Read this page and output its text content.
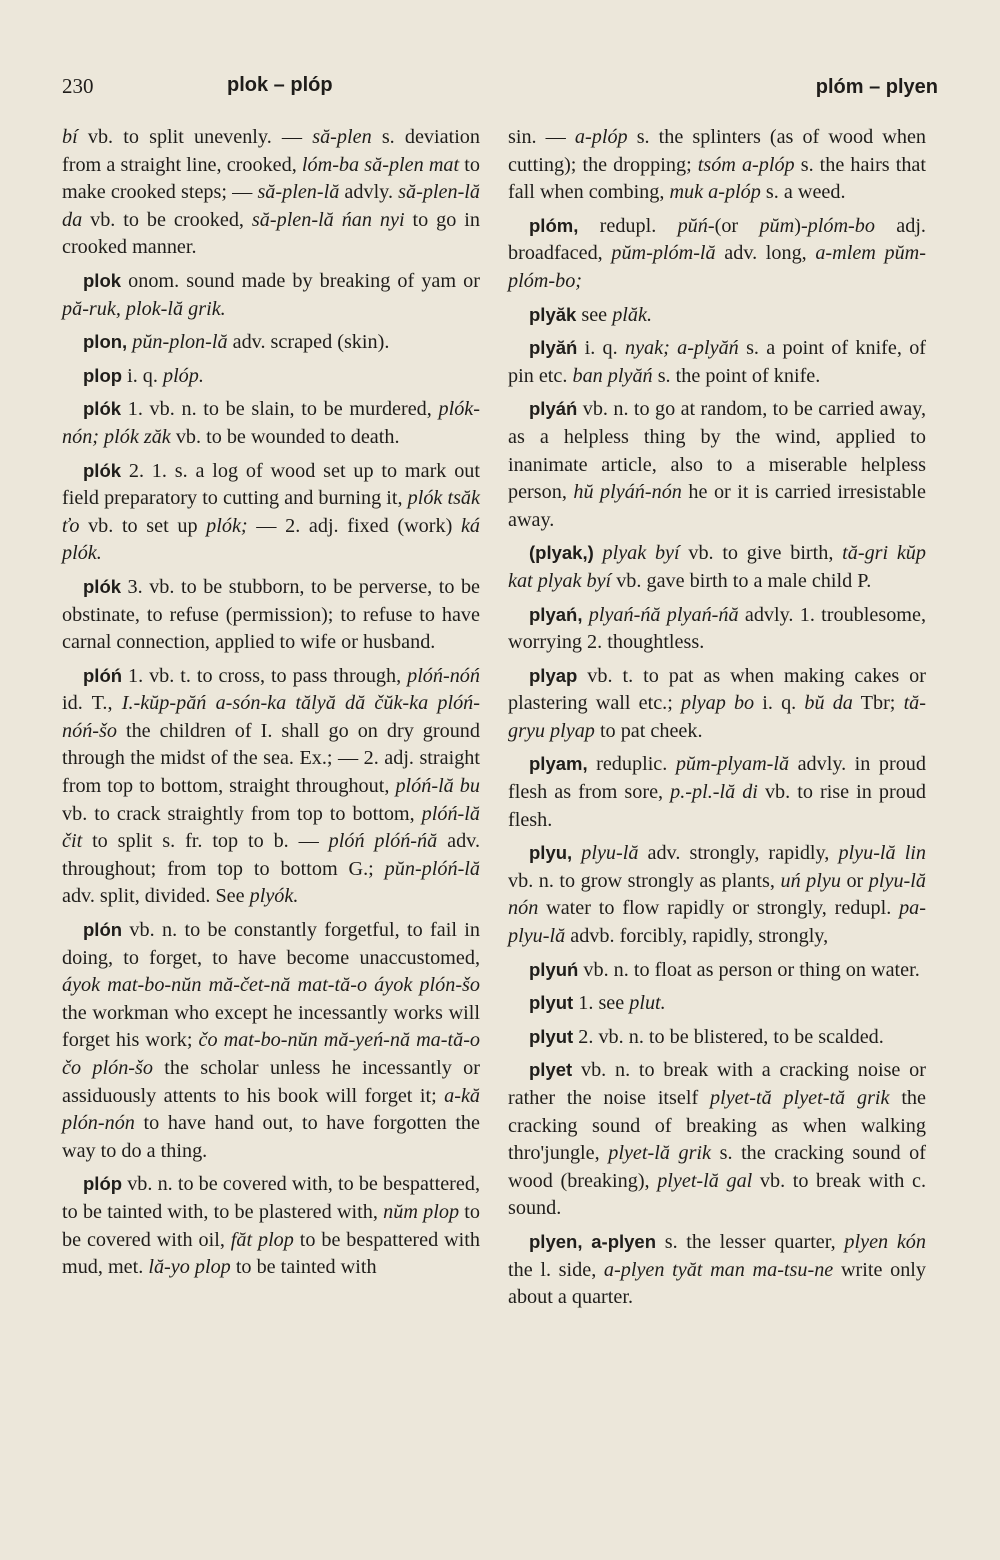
230	plok – plóp	plóm – plyen

bí vb. to split unevenly. — să-plen s. deviation from a straight line, crooked, lóm-ba să-plen mat to make crooked steps; — să-plen-lă advly. să-plen-lă da vb. to be crooked, să-plen-lă ńan nyi to go in crooked manner.

plok onom. sound made by breaking of yam or pă-ruk, plok-lă grik.

plon, pŭn-plon-lă adv. scraped (skin).

plop i. q. plóp.

plók 1. vb. n. to be slain, to be murdered, plók-nón; plók zăk vb. to be wounded to death.

plók 2. 1. s. a log of wood set up to mark out field preparatory to cutting and burning it, plók tsăk ťo vb. to set up plók; — 2. adj. fixed (work) ká plók.

plók 3. vb. to be stubborn, to be perverse, to be obstinate, to refuse (permission); to refuse to have carnal connection, applied to wife or husband.

plóń 1. vb. t. to cross, to pass through, plóń-nóń id. T., I.-kŭp-păń a-són-ka tălyă dă čŭk-ka plóń-nóń-šo the children of I. shall go on dry ground through the midst of the sea. Ex.; — 2. adj. straight from top to bottom, straight throughout, plóń-lă bu vb. to crack straightly from top to bottom, plóń-lă čit to split s. fr. top to b. — plóń plóń-ńă adv. throughout; from top to bottom G.; pŭn-plóń-lă adv. split, divided. See plyók.

plón vb. n. to be constantly forgetful, to fail in doing, to forget, to have become unaccustomed, áyok mat-bo-nŭn mă-čet-nă mat-tă-o áyok plón-šo the workman who except he incessantly works will forget his work; čo mat-bo-nŭn mă-yeń-nă ma-tă-o čo plón-šo the scholar unless he incessantly or assiduously attents to his book will forget it; a-kă plón-nón to have hand out, to have forgotten the way to do a thing.

plóp vb. n. to be covered with, to be bespattered, to be tainted with, to be plastered with, nŭm plop to be covered with oil, făt plop to be bespattered with mud, met. lă-yo plop to be tainted with

sin. — a-plóp s. the splinters (as of wood when cutting); the dropping; tsóm a-plóp s. the hairs that fall when combing, muk a-plóp s. a weed.

plóm, redupl. pŭń-(or pŭm)-plóm-bo adj. broadfaced, pŭm-plóm-lă adv. long, a-mlem pŭm-plóm-bo;

plyăk see plăk.

plyăń i. q. nyak; a-plyăń s. a point of knife, of pin etc. ban plyăń s. the point of knife.

plyáń vb. n. to go at random, to be carried away, as a helpless thing by the wind, applied to inanimate article, also to a miserable helpless person, hŭ plyáń-nón he or it is carried irresistable away.

(plyak,) plyak byí vb. to give birth, tă-gri kŭp kat plyak byí vb. gave birth to a male child P.

plyań, plyań-ńă plyań-ńă advly. 1. troublesome, worrying 2. thoughtless.

plyap vb. t. to pat as when making cakes or plastering wall etc.; plyap bo i. q. bŭ da Tbr; tă-gryu plyap to pat cheek.

plyam, reduplic. pŭm-plyam-lă advly. in proud flesh as from sore, p.-pl.-lă di vb. to rise in proud flesh.

plyu, plyu-lă adv. strongly, rapidly, plyu-lă lin vb. n. to grow strongly as plants, uń plyu or plyu-lă nón water to flow rapidly or strongly, redupl. pa-plyu-lă advb. forcibly, rapidly, strongly,

plyuń vb. n. to float as person or thing on water.

plyut 1. see plut.

plyut 2. vb. n. to be blistered, to be scalded.

plyet vb. n. to break with a cracking noise or rather the noise itself plyet-tă plyet-tă grik the cracking sound of breaking as when walking thro'jungle, plyet-lă grik s. the cracking sound of wood (breaking), plyet-lă gal vb. to break with c. sound.

plyen, a-plyen s. the lesser quarter, plyen kón the l. side, a-plyen tyăt man ma-tsu-ne write only about a quarter.
